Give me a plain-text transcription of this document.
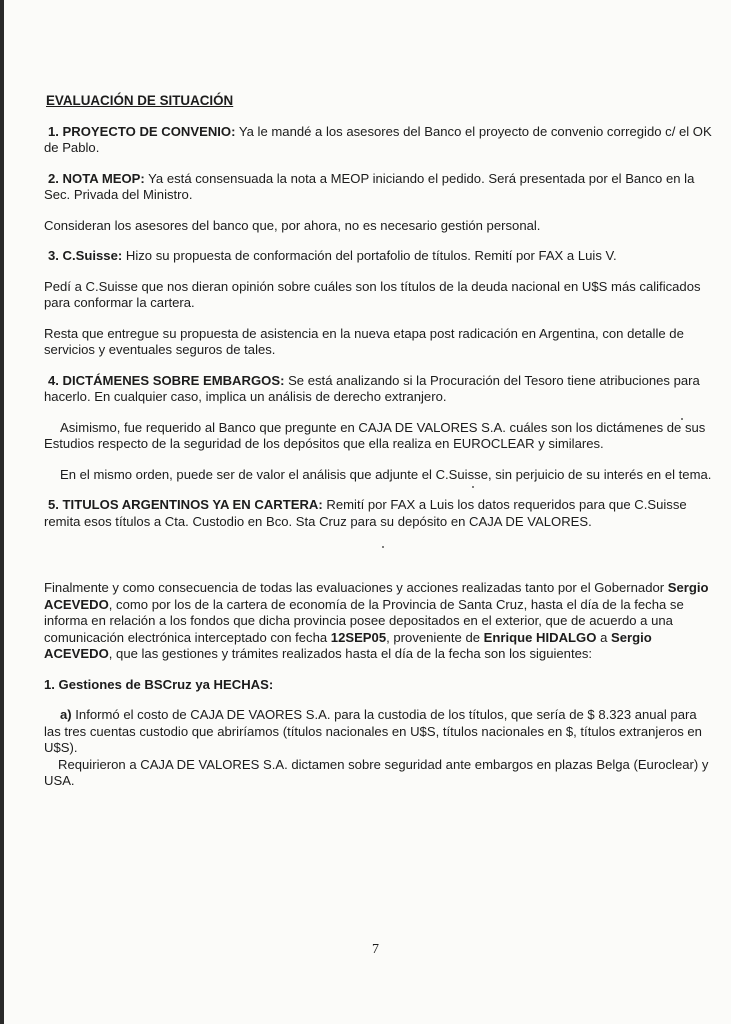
EVALUACIÓN DE SITUACIÓN

1. PROYECTO DE CONVENIO: Ya le mandé a los asesores del Banco el proyecto de convenio corregido c/ el OK de Pablo.

2. NOTA MEOP: Ya está consensuada la nota a MEOP iniciando el pedido. Será presentada por el Banco en la Sec. Privada del Ministro.

Consideran los asesores del banco que, por ahora, no es necesario gestión personal.

3. C.Suisse: Hizo su propuesta de conformación del portafolio de títulos. Remití por FAX a Luis V.

Pedí a C.Suisse que nos dieran opinión sobre cuáles son los títulos de la deuda nacional en U$S más calificados para conformar la cartera.

Resta que entregue su propuesta de asistencia en la nueva etapa post radicación en Argentina, con detalle de servicios y eventuales seguros de tales.

4. DICTÁMENES SOBRE EMBARGOS: Se está analizando si la Procuración del Tesoro tiene atribuciones para hacerlo. En cualquier caso, implica un análisis de derecho extranjero.

Asimismo, fue requerido al Banco que pregunte en CAJA DE VALORES S.A. cuáles son los dictámenes de sus Estudios respecto de la seguridad de los depósitos que ella realiza en EUROCLEAR y similares.

En el mismo orden, puede ser de valor el análisis que adjunte el C.Suisse, sin perjuicio de su interés en el tema.

5. TITULOS ARGENTINOS YA EN CARTERA: Remití por FAX a Luis los datos requeridos para que C.Suisse remita esos títulos a Cta. Custodio en Bco. Sta Cruz para su depósito en CAJA DE VALORES.

Finalmente y como consecuencia de todas las evaluaciones y acciones realizadas tanto por el Gobernador Sergio ACEVEDO, como por los de la cartera de economía de la Provincia de Santa Cruz, hasta el día de la fecha se informa en relación a los fondos que dicha provincia posee depositados en el exterior, que de acuerdo a una comunicación electrónica interceptado con fecha 12SEP05, proveniente de Enrique HIDALGO a Sergio ACEVEDO, que las gestiones y trámites realizados hasta el día de la fecha son los siguientes:

1. Gestiones de BSCruz ya HECHAS:

a) Informó el costo de CAJA DE VAORES S.A. para la custodia de los títulos, que sería de $ 8.323 anual para las tres cuentas custodio que abriríamos (títulos nacionales en U$S, títulos nacionales en $, títulos extranjeros en U$S).

Requirieron a CAJA DE VALORES S.A. dictamen sobre seguridad ante embargos en plazas Belga (Euroclear) y USA.

7
